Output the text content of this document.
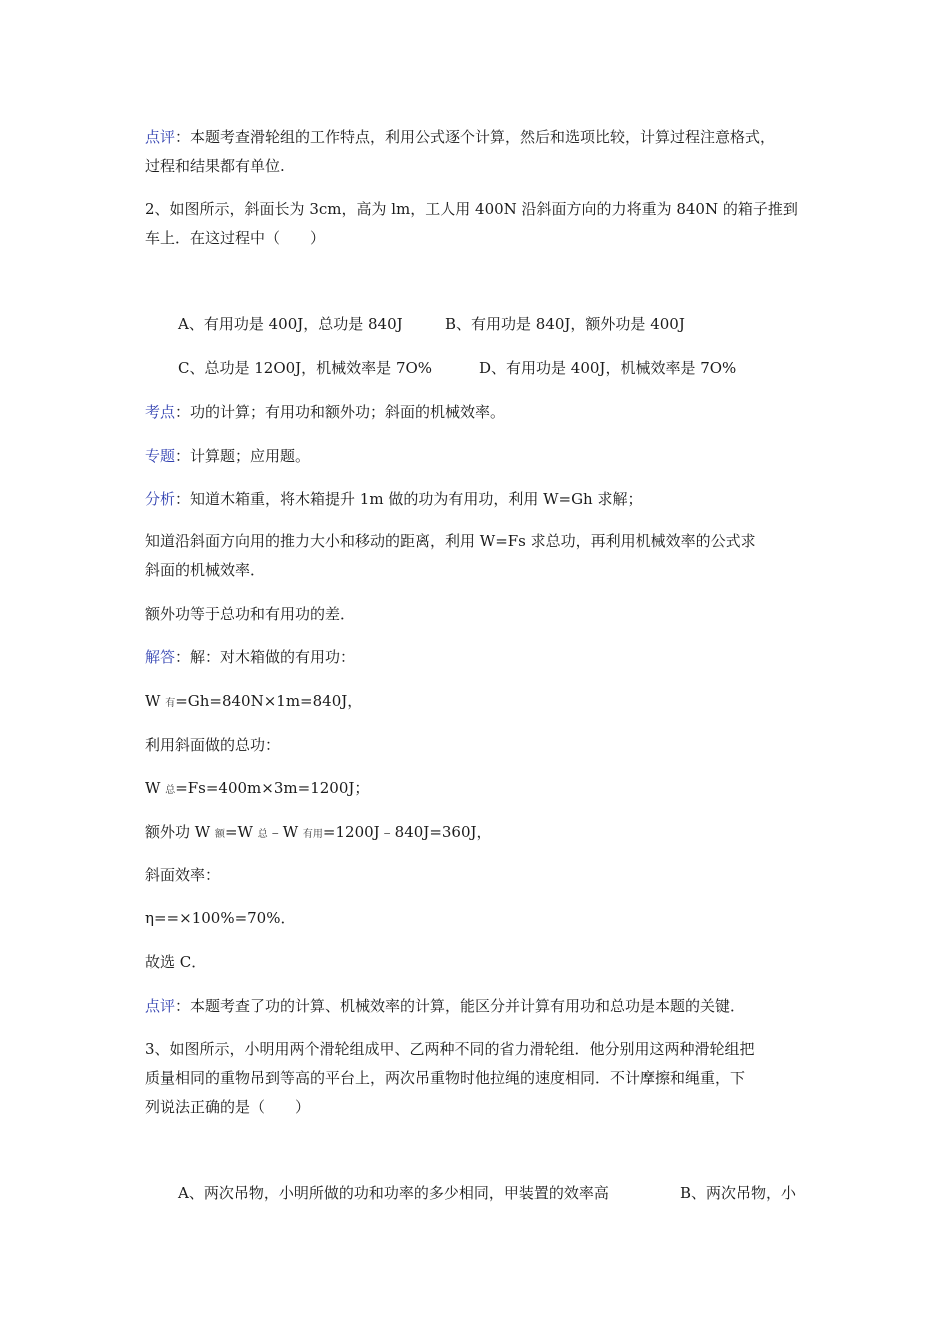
点评：本题考查滑轮组的工作特点，利用公式逐个计算，然后和选项比较，计算过程注意格式，
过程和结果都有单位.
2、如图所示，斜面长为 3cm，高为 lm，工人用 400N 沿斜面方向的力将重为 840N 的箱子推到
车上．在这过程中（　　）
A、有用功是 400J，总功是 840J	B、有用功是 840J，额外功是 400J
C、总功是 12O0J，机械效率是 7O%	D、有用功是 400J，机械效率是 7O%
考点：功的计算；有用功和额外功；斜面的机械效率。
专题：计算题；应用题。
分析：知道木箱重，将木箱提升 1m 做的功为有用功，利用 W=Gh 求解；
知道沿斜面方向用的推力大小和移动的距离，利用 W=Fs 求总功，再利用机械效率的公式求
斜面的机械效率．
额外功等于总功和有用功的差．
解答：解：对木箱做的有用功：
W 有=Gh=840N×1m=840J，
利用斜面做的总功：
W 总=Fs=400m×3m=1200J；
额外功 W 额=W 总﹣W 有用=1200J﹣840J=360J，
斜面效率：
η==×100%=70%．
故选 C．
点评：本题考查了功的计算、机械效率的计算，能区分并计算有用功和总功是本题的关键．
3、如图所示，小明用两个滑轮组成甲、乙两种不同的省力滑轮组．他分别用这两种滑轮组把
质量相同的重物吊到等高的平台上，两次吊重物时他拉绳的速度相同．不计摩擦和绳重，下
列说法正确的是（　　）
A、两次吊物，小明所做的功和功率的多少相同，甲装置的效率高	B、两次吊物，小
